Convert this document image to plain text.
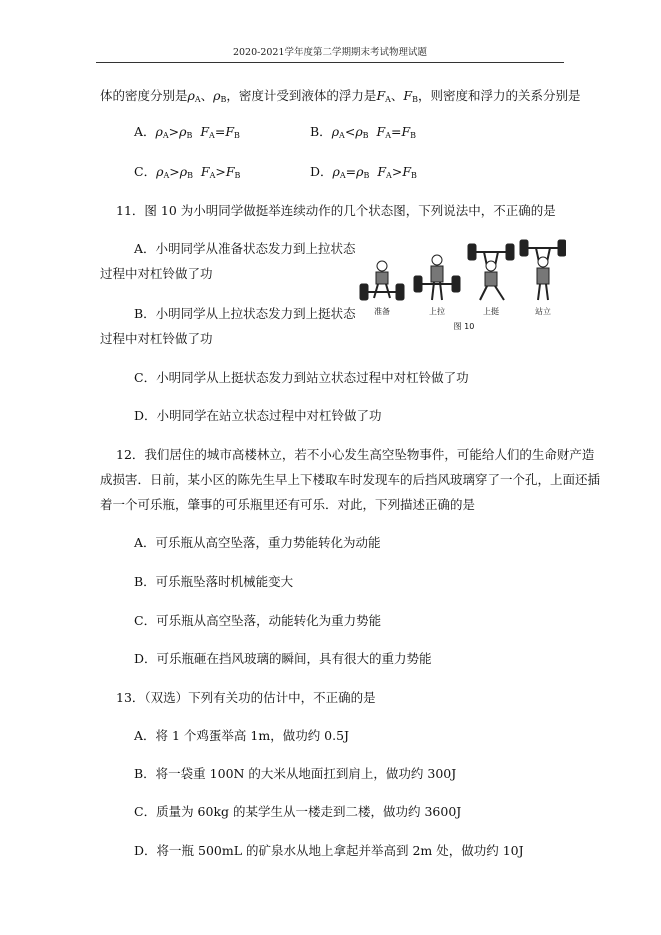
2020-2021学年度第二学期期末考试物理试题
体的密度分别是$\rho_A$、$\rho_B$，密度计受到液体的浮力是$F_A$、$F_B$，则密度和浮力的关系分别是
A．$\rho_A>\rho_B$ $F_A=F_B$	B．$\rho_A<\rho_B$ $F_A=F_B$
C．$\rho_A>\rho_B$ $F_A>F_B$	D．$\rho_A=\rho_B$ $F_A>F_B$
11．图 10 为小明同学做挺举连续动作的几个状态图，下列说法中，不正确的是
A．小明同学从准备状态发力到上拉状态
过程中对杠铃做了功
B．小明同学从上拉状态发力到上挺状态
过程中对杠铃做了功
C．小明同学从上挺状态发力到站立状态过程中对杠铃做了功
D．小明同学在站立状态过程中对杠铃做了功
准备	上拉	上挺	站立
图 10
12．我们居住的城市高楼林立，若不小心发生高空坠物事件，可能给人们的生命财产造
成损害．日前，某小区的陈先生早上下楼取车时发现车的后挡风玻璃穿了一个孔，上面还插
着一个可乐瓶，肇事的可乐瓶里还有可乐．对此，下列描述正确的是
A．可乐瓶从高空坠落，重力势能转化为动能
B．可乐瓶坠落时机械能变大
C．可乐瓶从高空坠落，动能转化为重力势能
D．可乐瓶砸在挡风玻璃的瞬间，具有很大的重力势能
13．（双选）下列有关功的估计中，不正确的是
A．将 1 个鸡蛋举高 1m，做功约 0.5J
B．将一袋重 100N 的大米从地面扛到肩上，做功约 300J
C．质量为 60kg 的某学生从一楼走到二楼，做功约 3600J
D．将一瓶 500mL 的矿泉水从地上拿起并举高到 2m 处，做功约 10J
